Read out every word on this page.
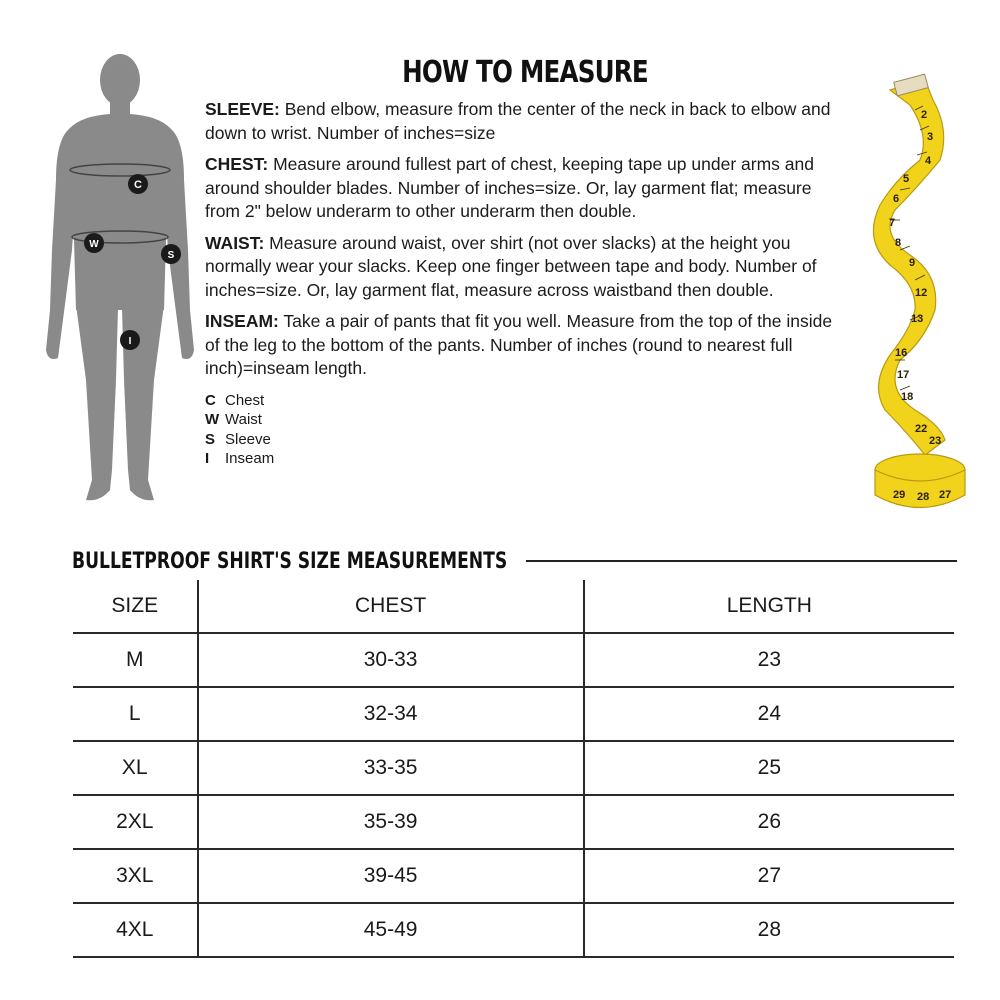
C
W
S
I
HOW TO MEASURE

SLEEVE: Bend elbow, measure from the center of the neck in back to elbow and down to wrist. Number of inches=size

CHEST: Measure around fullest part of chest, keeping tape up under arms and around shoulder blades. Number of inches=size. Or, lay garment flat; measure from 2" below underarm to other underarm then double.

WAIST: Measure around waist, over shirt (not over slacks) at the height you normally wear your slacks. Keep one finger between tape and body. Number of inches=size. Or, lay garment flat, measure across waistband then double.

INSEAM: Take a pair of pants that fit you well. Measure from the top of the inside of the leg to the bottom of the pants. Number of inches (round to nearest full inch)=inseam length.

C Chest
W Waist
S Sleeve
I	Inseam
2
3
4
5
6
7
8
9
12
13
16
17
18
22
23
27
28
29
BULLETPROOF SHIRT'S SIZE MEASUREMENTS
SIZE	CHEST	LENGTH
M	30-33	23
L	32-34	24
XL	33-35	25
2XL	35-39	26
3XL	39-45	27
4XL	45-49	28
